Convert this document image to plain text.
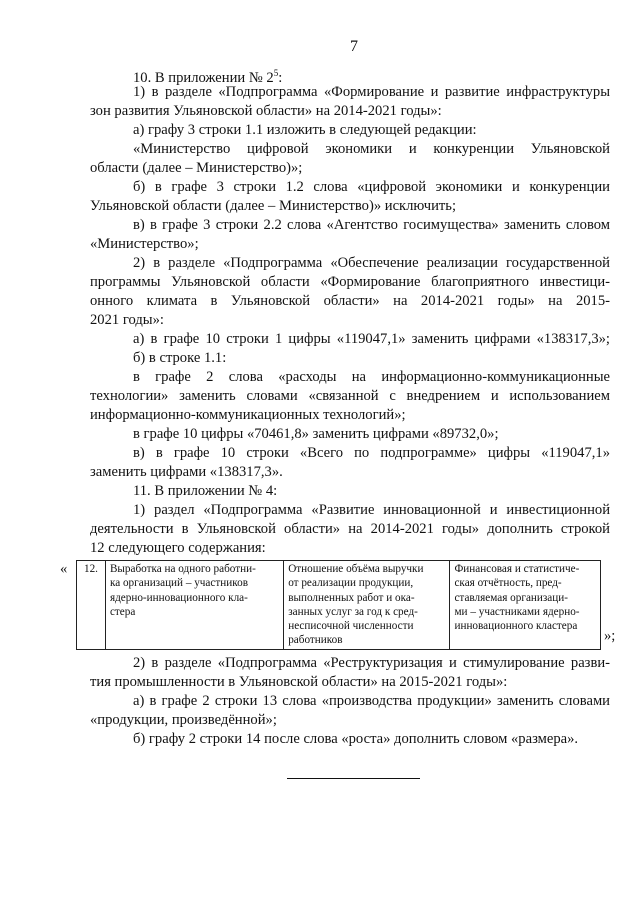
7
10. В приложении № $2^5$:
1) в разделе «Подпрограмма «Формирование и развитие инфраструктуры
зон развития Ульяновской области» на 2014-2021 годы»:
а) графу 3 строки 1.1 изложить в следующей редакции:
«Министерство цифровой экономики и конкуренции Ульяновской
области (далее – Министерство)»;
б) в графе 3 строки 1.2 слова «цифровой экономики и конкуренции
Ульяновской области (далее – Министерство)» исключить;
в) в графе 3 строки 2.2 слова «Агентство госимущества» заменить словом
«Министерство»;
2) в разделе «Подпрограмма «Обеспечение реализации государственной
программы Ульяновской области «Формирование благоприятного инвестици-
онного климата в Ульяновской области» на 2014-2021 годы» на 2015-
2021 годы»:
а) в графе 10 строки 1 цифры «119047,1» заменить цифрами «138317,3»;
б) в строке 1.1:
в графе 2 слова «расходы на информационно-коммуникационные
технологии» заменить словами «связанной с внедрением и использованием
информационно-коммуникационных технологий»;
в графе 10 цифры «70461,8» заменить цифрами «89732,0»;
в) в графе 10 строки «Всего по подпрограмме» цифры «119047,1»
заменить цифрами «138317,3».
11. В приложении № 4:
1) раздел «Подпрограмма «Развитие инновационной и инвестиционной
деятельности в Ульяновской области» на 2014-2021 годы» дополнить строкой
12 следующего содержания:
« 12.	Выработка на одного работни-
ка организаций – участников
ядерно-инновационного кла-
стера

Отношение объёма выручки
от реализации продукции,
выполненных работ и ока-
занных услуг за год к сред-
несписочной численности
работников

Финансовая и статистиче-
ская отчётность, пред-
ставляемая организаци-
ми – участниками ядерно-
инновационного кластера
»;
2) в разделе «Подпрограмма «Реструктуризация и стимулирование разви-
тия промышленности в Ульяновской области» на 2015-2021 годы»:
а) в графе 2 строки 13 слова «производства продукции» заменить словами
«продукции, произведённой»;
б) графу 2 строки 14 после слова «роста» дополнить словом «размера».
